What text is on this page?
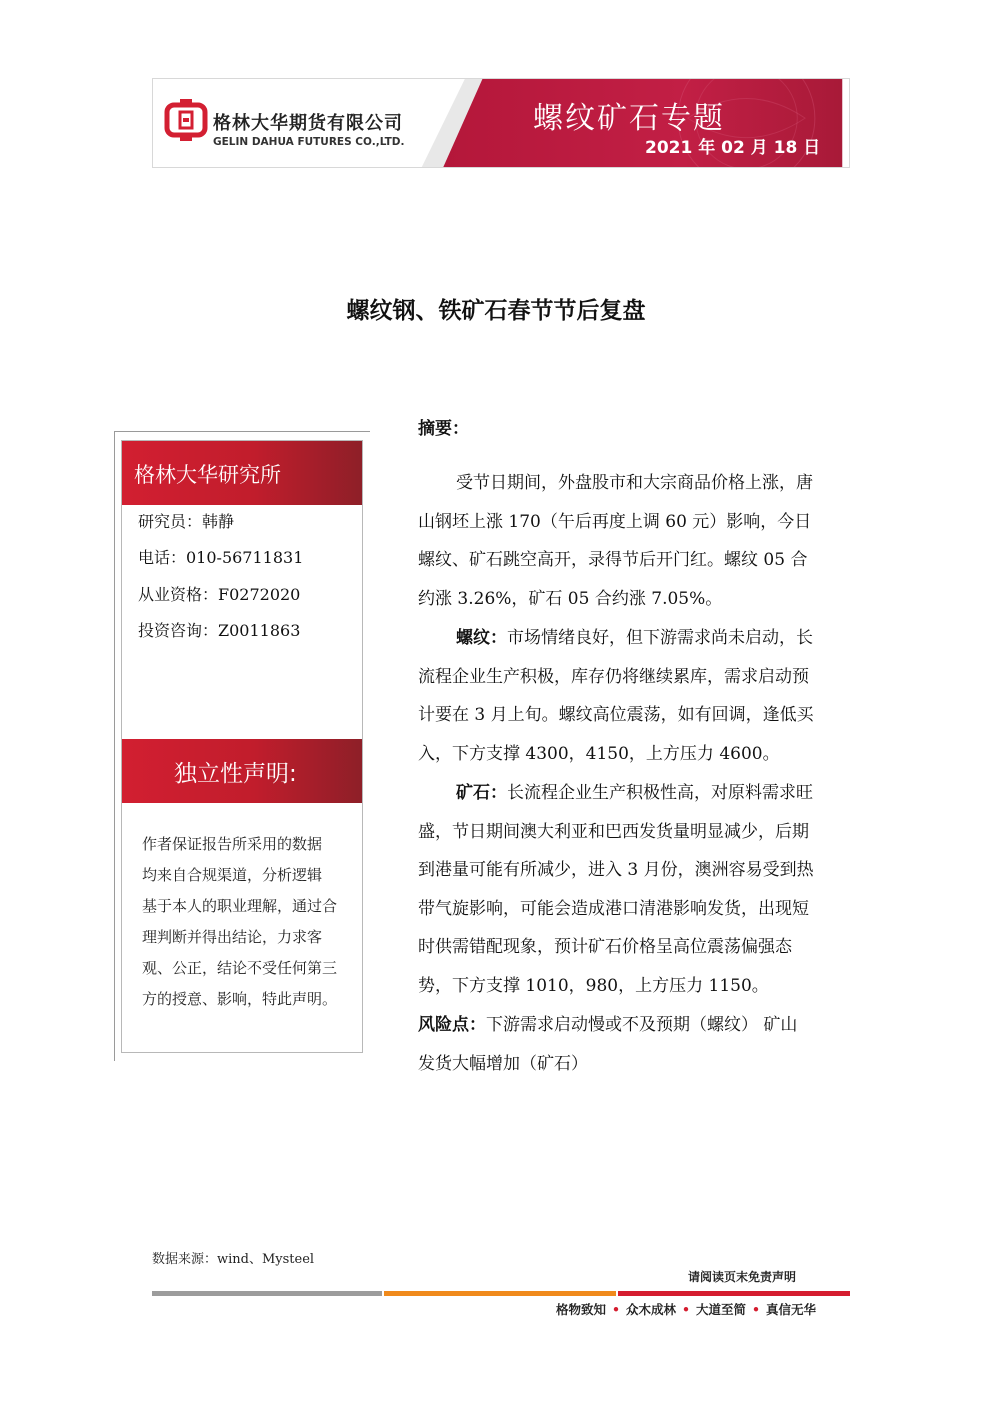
格林大华期货有限公司
GELIN DAHUA FUTURES CO.,LTD.
螺纹矿石专题
2021 年 02 月 18 日
螺纹钢、铁矿石春节节后复盘
格林大华研究所
研究员：韩静
电话：010-56711831
从业资格：F0272020
投资咨询：Z0011863
独立性声明:
作者保证报告所采用的数据
均来自合规渠道，分析逻辑
基于本人的职业理解，通过合
理判断并得出结论，力求客
观、公正，结论不受任何第三
方的授意、影响，特此声明。
摘要：
受节日期间，外盘股市和大宗商品价格上涨，唐
山钢坯上涨 170（午后再度上调 60 元）影响，今日
螺纹、矿石跳空高开，录得节后开门红。螺纹 05 合
约涨 3.26%，矿石 05 合约涨 7.05%。
螺纹：市场情绪良好，但下游需求尚未启动，长
流程企业生产积极，库存仍将继续累库，需求启动预
计要在 3 月上旬。螺纹高位震荡，如有回调，逢低买
入，下方支撑 4300，4150，上方压力 4600。
矿石：长流程企业生产积极性高，对原料需求旺
盛，节日期间澳大利亚和巴西发货量明显减少，后期
到港量可能有所减少，进入 3 月份，澳洲容易受到热
带气旋影响，可能会造成港口清港影响发货，出现短
时供需错配现象，预计矿石价格呈高位震荡偏强态
势，下方支撑 1010，980，上方压力 1150。
风险点：下游需求启动慢或不及预期（螺纹） 矿山
发货大幅增加（矿石）
数据来源：wind、Mysteel
请阅读页末免责声明
格物致知 • 众木成林 • 大道至简 • 真信无华
